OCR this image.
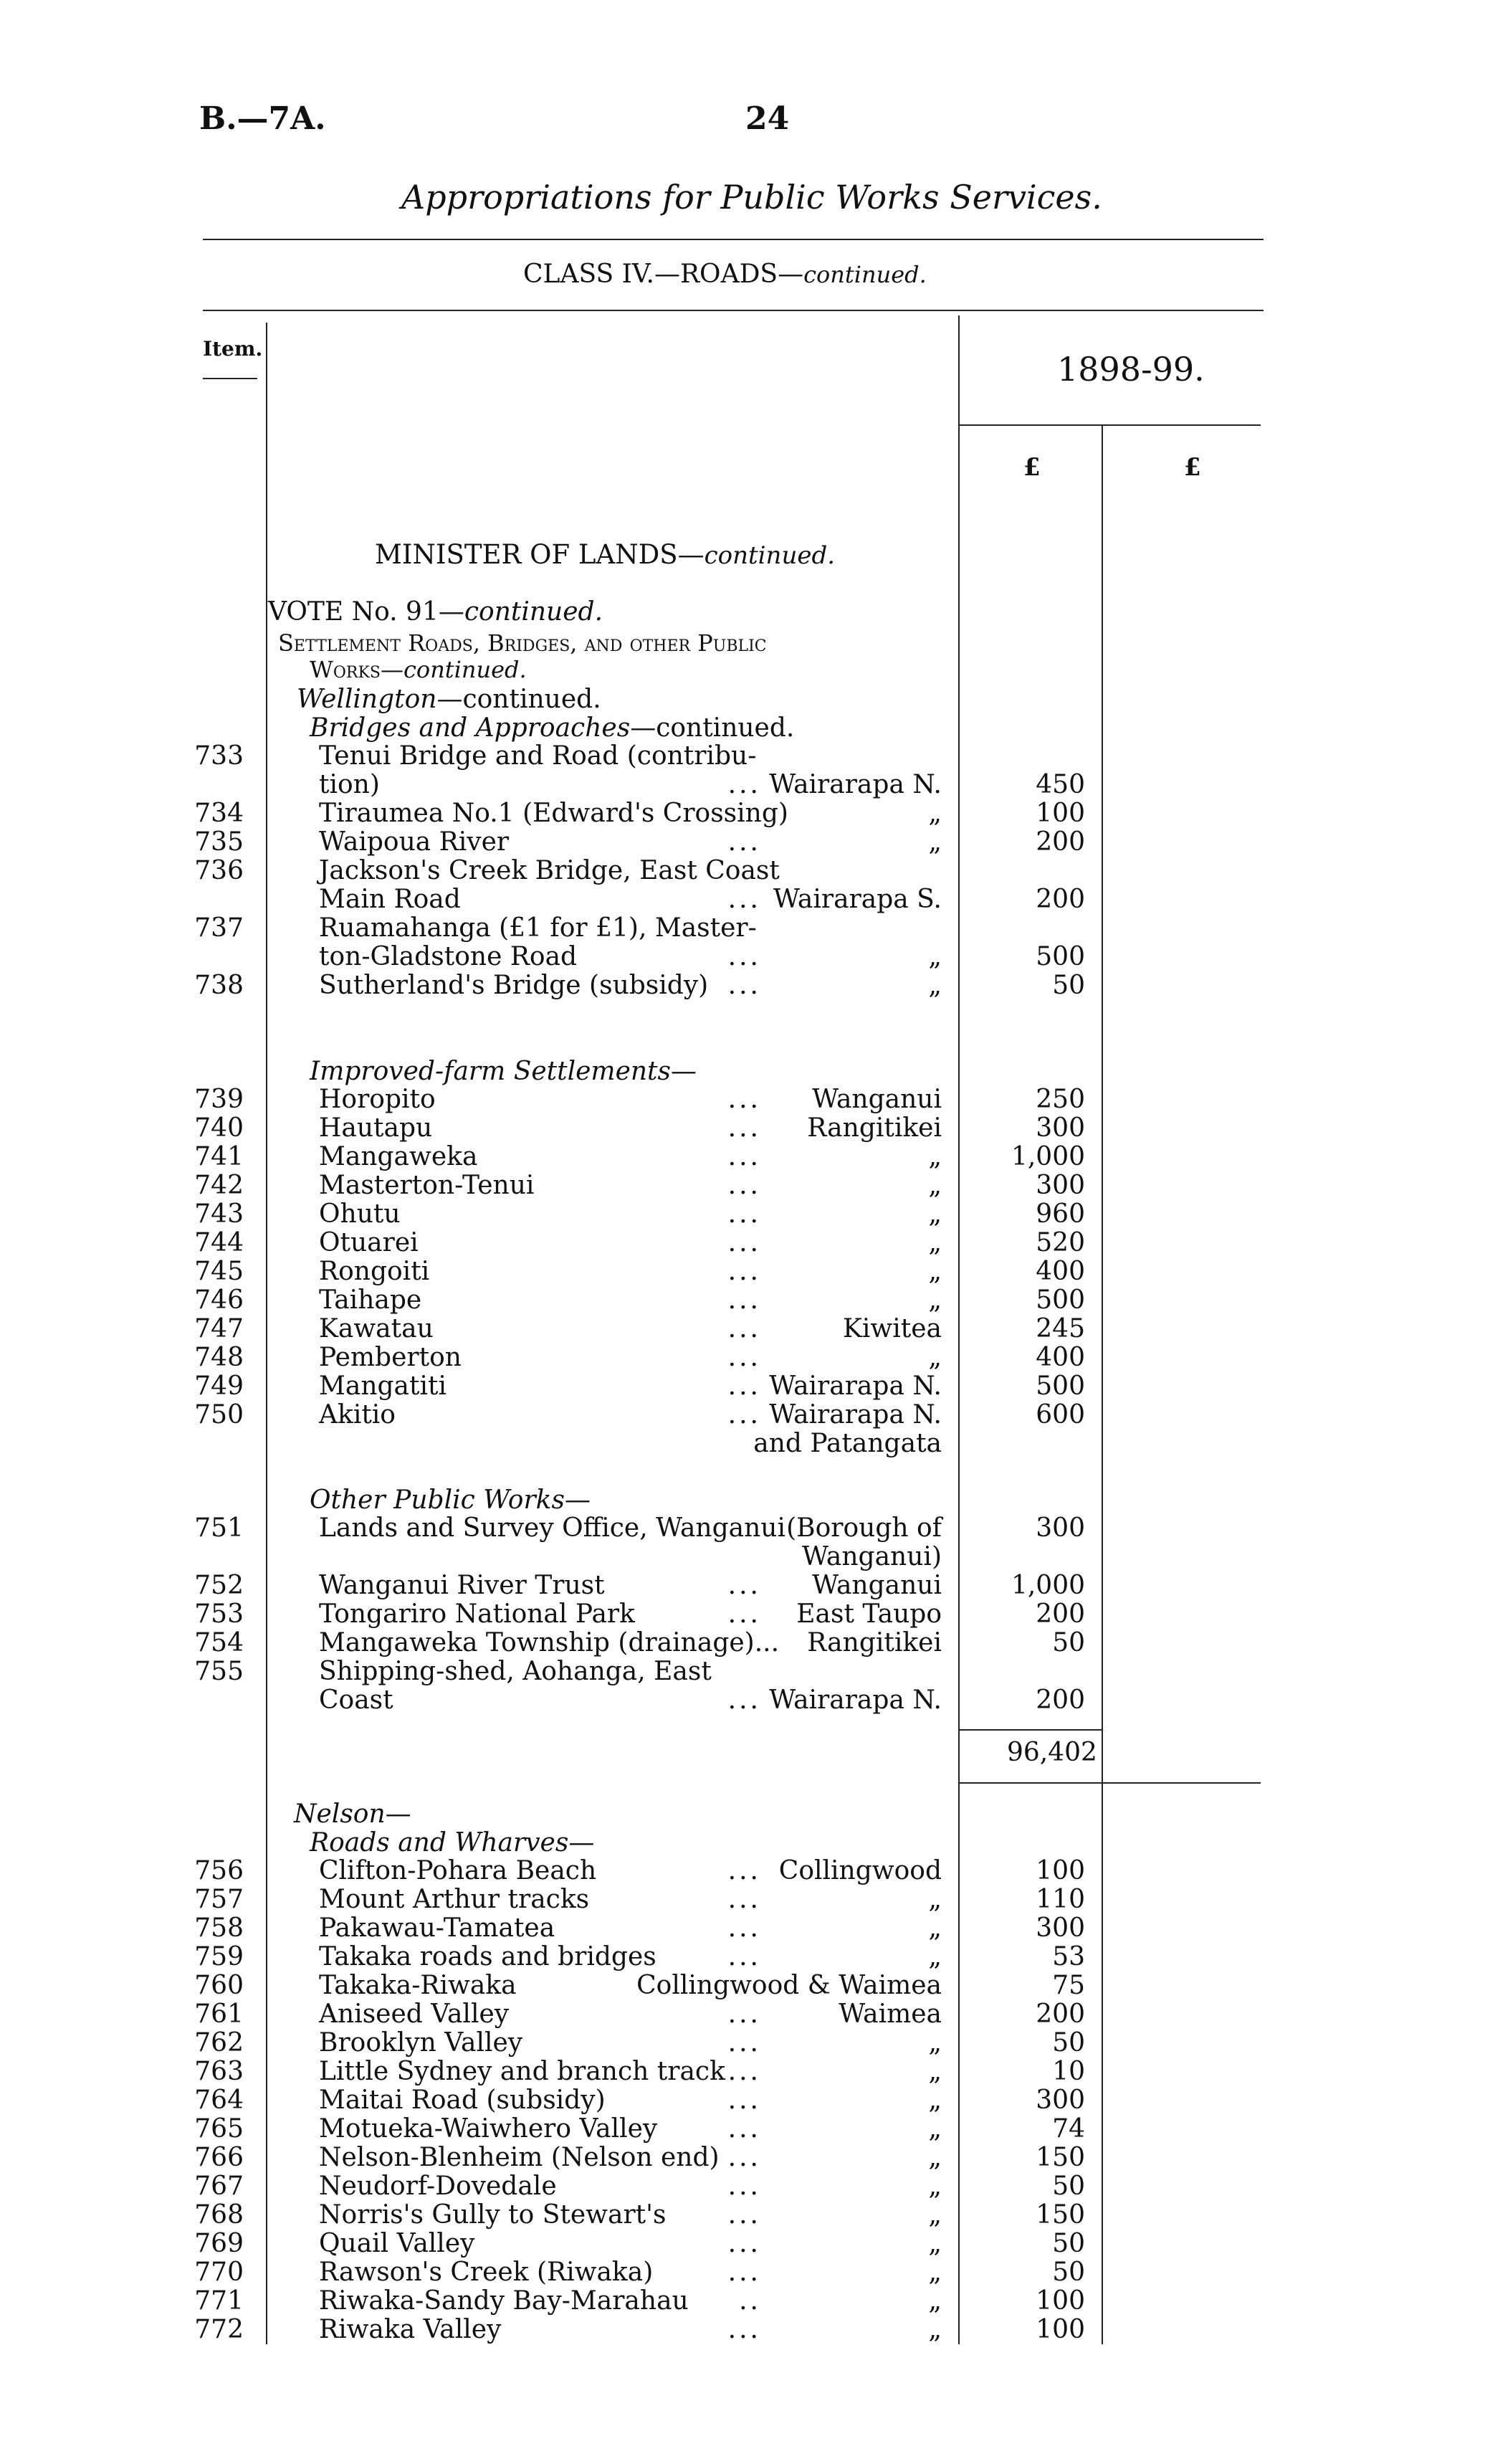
B.—7A.	24
Appropriations for Public Works Services.
CLASS IV.—ROADS—continued.
Item.
1898-99.
£	£
MINISTER OF LANDS—continued.
VOTE No. 91—continued.
Settlement Roads, Bridges, and other Public
Works—continued.
Wellington—continued.
Bridges and Approaches—continued.
Improved-farm Settlements—
Other Public Works—
Nelson—
Roads and Wharves—
96,402
733	Tenui Bridge and Road (contribu-
tion)	... Wairarapa N.	450
734	Tiraumea No.1 (Edward's Crossing)	„	100
735	Waipoua River	...	„	200
736	Jackson's Creek Bridge, East Coast
Main Road	... Wairarapa S.	200
737	Ruamahanga (£1 for £1), Master-
ton-Gladstone Road	...	„	500
738	Sutherland's Bridge (subsidy) ...	„	50
739	Horopito	... Wanganui	250
740	Hautapu	... Rangitikei	300
741	Mangaweka	...	„	1,000
742	Masterton-Tenui	...	„	300
743	Ohutu	...	„	960
744	Otuarei	...	„	520
745	Rongoiti	...	„	400
746	Taihape	...	„	500
747	Kawatau	...	Kiwitea	245
748	Pemberton	...	„	400
749	Mangatiti	... Wairarapa N.	500
750	Akitio	... Wairarapa N.	600
and Patangata
751	Lands and Survey Office, Wanganui (Borough of	300
Wanganui)
752	Wanganui River Trust	... Wanganui	1,000
753	Tongariro National Park	... East Taupo	200
754	Mangaweka Township (drainage)... Rangitikei	50
755	Shipping-shed, Aohanga, East
Coast	... Wairarapa N.	200
756	Clifton-Pohara Beach	... Collingwood	100
757	Mount Arthur tracks	...	„	110
758	Pakawau-Tamatea	...	„	300
759	Takaka roads and bridges	...	„	53
760	Takaka-Riwaka	Collingwood & Waimea	75
761	Aniseed Valley	...	Waimea	200
762	Brooklyn Valley	...	„	50
763	Little Sydney and branch track ...	„	10
764	Maitai Road (subsidy)	...	„	300
765	Motueka-Waiwhero Valley	...	„	74
766	Nelson-Blenheim (Nelson end) ...	„	150
767	Neudorf-Dovedale	...	„	50
768	Norris's Gully to Stewart's ...	„	150
769	Quail Valley	...	„	50
770	Rawson's Creek (Riwaka)	...	„	50
771	Riwaka-Sandy Bay-Marahau ..	„	100
772	Riwaka Valley	...	„	100
